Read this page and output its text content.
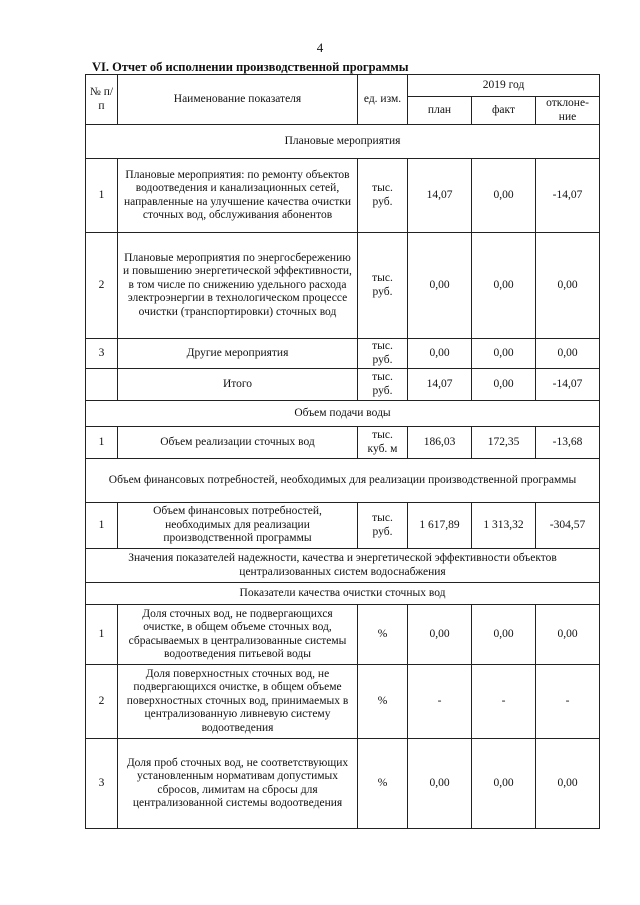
4
VI. Отчет об исполнении производственной программы
№ п/п	Наименование показателя	ед. изм.	2019 год		
			план	факт	отклоне-ние
Плановые мероприятия					
1	Плановые мероприятия: по ремонту объектов водоотведения и канализационных сетей, направленные на улучшение качества очистки сточных вод, обслуживания абонентов	тыс. руб.	14,07	0,00	-14,07
2	Плановые мероприятия по энергосбережению и повышению энергетической эффективности, в том числе по снижению удельного расхода электроэнергии в технологическом процессе очистки (транспортировки) сточных вод	тыс. руб.	0,00	0,00	0,00
3	Другие мероприятия	тыс. руб.	0,00	0,00	0,00
	Итого	тыс. руб.	14,07	0,00	-14,07
Объем подачи воды					
1	Объем реализации сточных вод	тыс. куб. м	186,03	172,35	-13,68
Объем финансовых потребностей, необходимых для реализации производственной программы					
1	Объем финансовых потребностей, необходимых для реализации производственной программы	тыс. руб.	1 617,89	1 313,32	-304,57
Значения показателей надежности, качества и энергетической эффективности объектов централизованных систем водоснабжения					
Показатели качества очистки сточных вод					
1	Доля сточных вод, не подвергающихся очистке, в общем объеме сточных вод, сбрасываемых в централизованные системы водоотведения питьевой воды	%	0,00	0,00	0,00
2	Доля поверхностных сточных вод, не подвергающихся очистке, в общем объеме поверхностных сточных вод, принимаемых в централизованную ливневую систему водоотведения	%	-	-	-
3	Доля проб сточных вод, не соответствующих установленным нормативам допустимых сбросов, лимитам на сбросы для централизованной системы водоотведения	%	0,00	0,00	0,00
